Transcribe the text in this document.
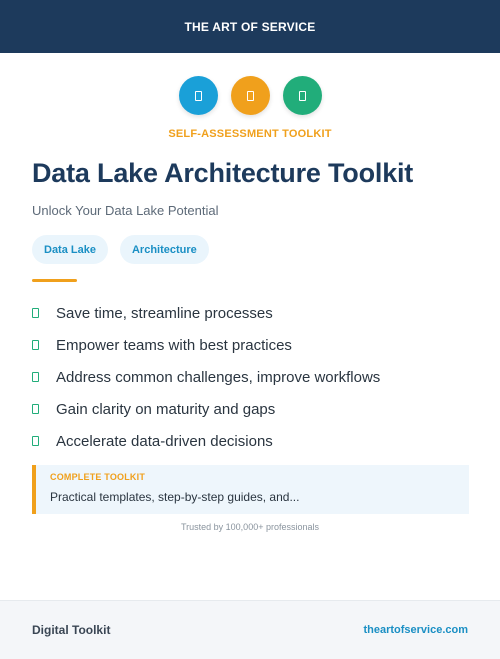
THE ART OF SERVICE
SELF-ASSESSMENT TOOLKIT
Data Lake Architecture Toolkit
Unlock Your Data Lake Potential
Data Lake	Architecture
Save time, streamline processes
Empower teams with best practices
Address common challenges, improve workflows
Gain clarity on maturity and gaps
Accelerate data-driven decisions
COMPLETE TOOLKIT
Practical templates, step-by-step guides, and...
Trusted by 100,000+ professionals
Digital Toolkit	theartofservice.com
